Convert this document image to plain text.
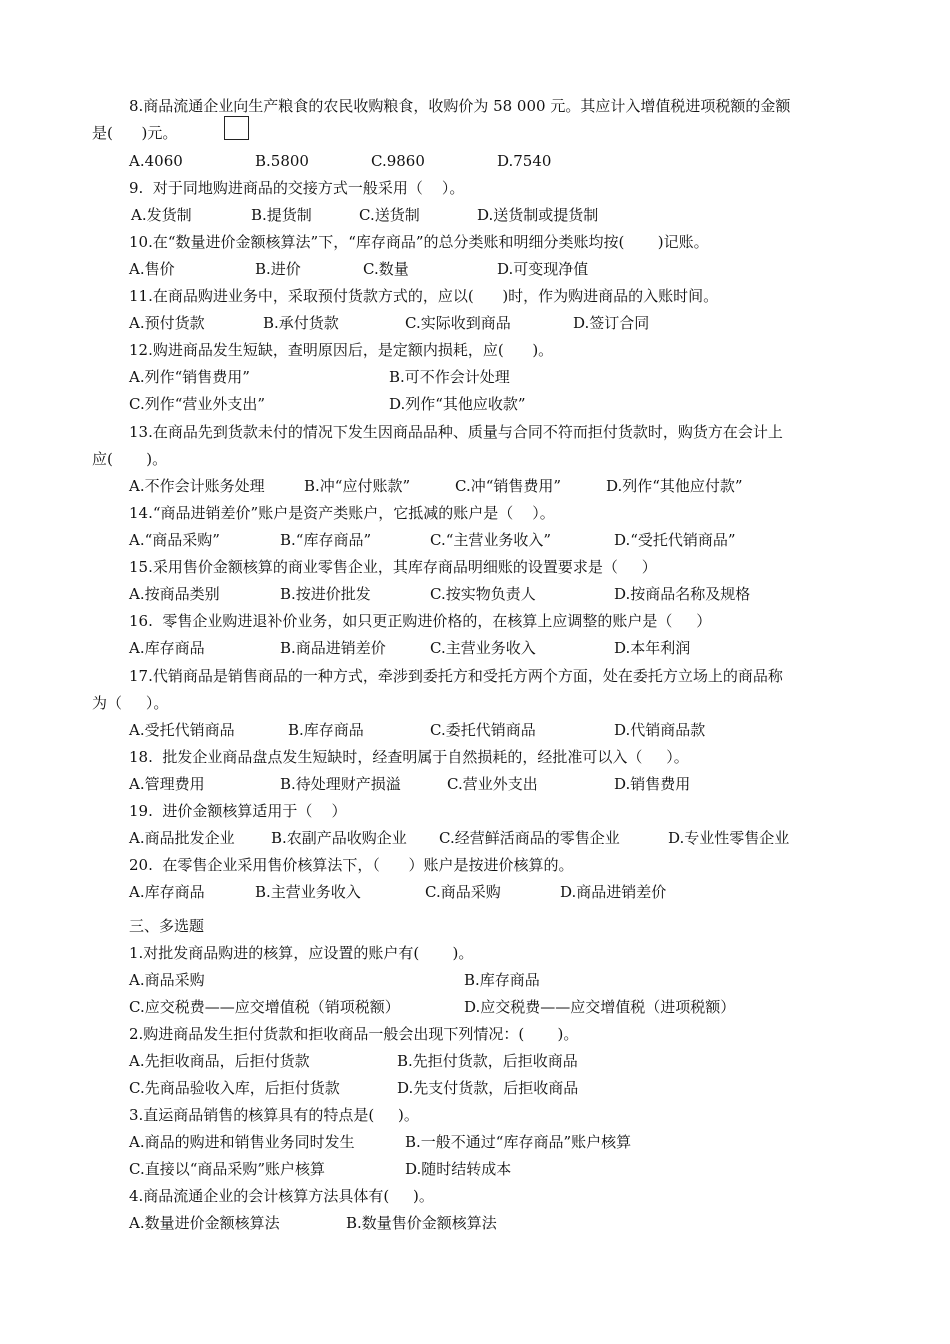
8.商品流通企业向生产粮食的农民收购粮食，收购价为 58 000 元。其应计入增值税进项税额的金额
是(      )元。
A.4060	B.5800	C.9860	D.7540
9.  对于同地购进商品的交接方式一般采用（    ）。
A.发货制	B.提货制	C.送货制	D.送货制或提货制
10.在“数量进价金额核算法”下，“库存商品”的总分类账和明细分类账均按(       )记账。
A.售价	B.进价	C.数量	D.可变现净值
11.在商品购进业务中，采取预付货款方式的，应以(      )时，作为购进商品的入账时间。
A.预付货款	B.承付货款	C.实际收到商品	D.签订合同
12.购进商品发生短缺，查明原因后，是定额内损耗，应(      )。
A.列作“销售费用”	B.可不作会计处理
C.列作“营业外支出”	D.列作“其他应收款”
13.在商品先到货款未付的情况下发生因商品品种、质量与合同不符而拒付货款时，购货方在会计上
应(       )。
A.不作会计账务处理	B.冲“应付账款”	C.冲“销售费用”	D.列作“其他应付款”
14.“商品进销差价”账户是资产类账户，它抵减的账户是（    ）。
A.“商品采购”	B.“库存商品”	C.“主营业务收入”	D.“受托代销商品”
15.采用售价金额核算的商业零售企业，其库存商品明细账的设置要求是（     ）
A.按商品类别	B.按进价批发	C.按实物负责人	D.按商品名称及规格
16.  零售企业购进退补价业务，如只更正购进价格的，在核算上应调整的账户是（     ）
A.库存商品	B.商品进销差价	C.主营业务收入	D.本年利润
17.代销商品是销售商品的一种方式，牵涉到委托方和受托方两个方面，处在委托方立场上的商品称
为（     ）。
A.受托代销商品	B.库存商品	C.委托代销商品	D.代销商品款
18.  批发企业商品盘点发生短缺时，经查明属于自然损耗的，经批准可以入（     ）。
A.管理费用	B.待处理财产损溢	C.营业外支出	D.销售费用
19.  进价金额核算适用于（    ）
A.商品批发企业 B.农副产品收购企业 C.经营鲜活商品的零售企业	D.专业性零售企业
20.  在零售企业采用售价核算法下，（      ）账户是按进价核算的。
A.库存商品	B.主营业务收入	C.商品采购	D.商品进销差价
三、多选题
1.对批发商品购进的核算，应设置的账户有(       )。
A.商品采购	B.库存商品
C.应交税费——应交增值税（销项税额）	D.应交税费——应交增值税（进项税额）
2.购进商品发生拒付货款和拒收商品一般会出现下列情况：(       )。
A.先拒收商品，后拒付货款	B.先拒付货款，后拒收商品
C.先商品验收入库，后拒付货款	D.先支付货款，后拒收商品
3.直运商品销售的核算具有的特点是(     )。
A.商品的购进和销售业务同时发生	B.一般不通过“库存商品”账户核算
C.直接以“商品采购”账户核算	D.随时结转成本
4.商品流通企业的会计核算方法具体有(     )。
A.数量进价金额核算法	B.数量售价金额核算法
